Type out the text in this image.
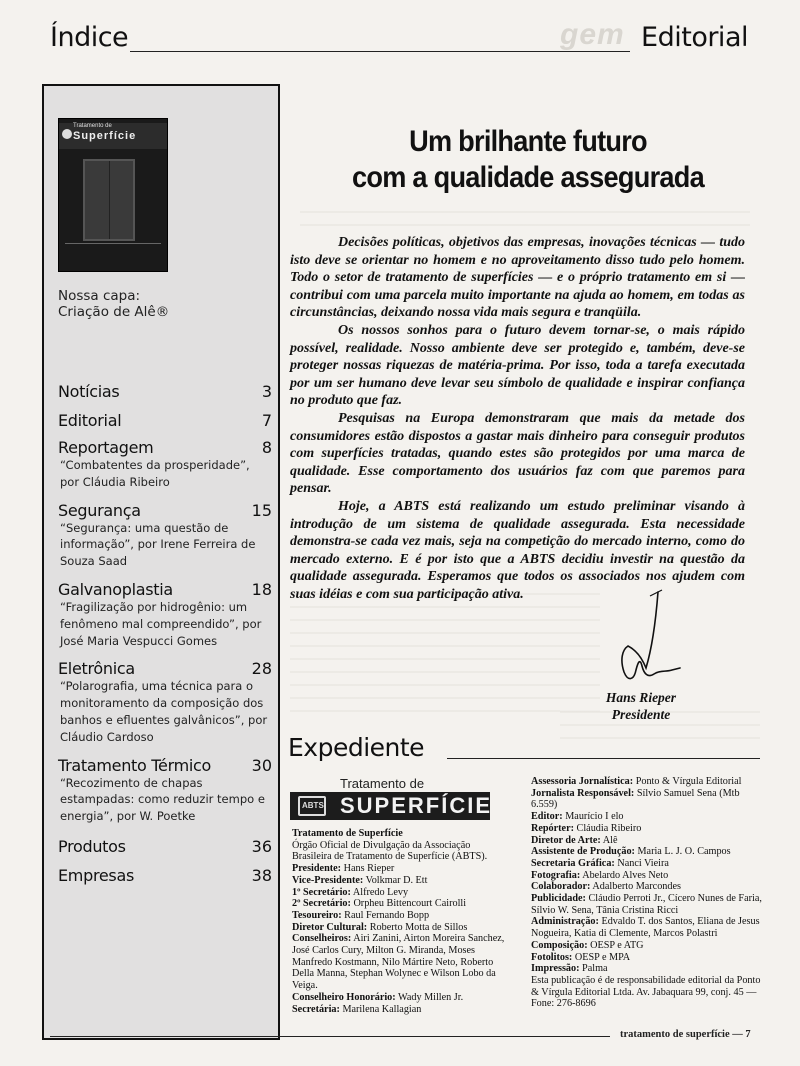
gem
Índice	Editorial
Tratamento de
Superfície
Nossa capa:
Criação de Alê®
Notícias	3
Editorial	7
Reportagem	8
“Combatentes da prosperidade”, por Cláudia Ribeiro
Segurança	15
“Segurança: uma questão de informação”, por Irene Ferreira de Souza Saad
Galvanoplastia	18
“Fragilização por hidrogênio: um fenômeno mal compreendido”, por José Maria Vespucci Gomes
Eletrônica	28
“Polarografia, uma técnica para o monitoramento da composição dos banhos e efluentes galvânicos”, por Cláudio Cardoso
Tratamento Térmico	30
“Recozimento de chapas estampadas: como reduzir tempo e energia”, por W. Poetke
Produtos	36
Empresas	38
Um brilhante futuro
com a qualidade assegurada

Decisões políticas, objetivos das empresas, inovações técnicas — tudo isto deve se orientar no homem e no aproveitamento disso tudo pelo homem. Todo o setor de tratamento de superfícies — e o próprio tratamento em si — contribui com uma parcela muito importante na ajuda ao homem, em todas as circunstâncias, deixando nossa vida mais segura e tranqüila.

Os nossos sonhos para o futuro devem tornar-se, o mais rápido possível, realidade. Nosso ambiente deve ser protegido e, também, deve-se proteger nossas riquezas de matéria-prima. Por isso, toda a tarefa executada por um ser humano deve levar seu símbolo de qualidade e inspirar confiança no produto que faz.

Pesquisas na Europa demonstraram que mais da metade dos consumidores estão dispostos a gastar mais dinheiro para conseguir produtos com superfícies tratadas, quando estes são protegidos por uma marca de qualidade. Esse comportamento dos usuários faz com que paremos para pensar.

Hoje, a ABTS está realizando um estudo preliminar visando à introdução de um sistema de qualidade assegurada. Esta necessidade demonstra-se cada vez mais, seja na competição do mercado interno, como do mercado externo. E é por isto que a ABTS decidiu investir na questão da qualidade assegurada. Esperamos que todos os associados nos ajudem com suas idéias e com sua participação ativa.

Hans Rieper
Presidente
Expediente
Tratamento de
ABTS SUPERFÍCIE
Tratamento de Superfície
Órgão Oficial de Divulgação da Associação Brasileira de Tratamento de Superfície (ABTS).
Presidente: Hans Rieper
Vice-Presidente: Volkmar D. Ett
1º Secretário: Alfredo Levy
2º Secretário: Orpheu Bittencourt Cairolli
Tesoureiro: Raul Fernando Bopp
Diretor Cultural: Roberto Motta de Sillos
Conselheiros: Airi Zanini, Airton Moreira Sanchez, José Carlos Cury, Milton G. Miranda, Moses Manfredo Kostmann, Nilo Mártire Neto, Roberto Della Manna, Stephan Wolynec e Wilson Lobo da Veiga.
Conselheiro Honorário: Wady Millen Jr.
Secretária: Marilena Kallagian
Assessoria Jornalística: Ponto & Vírgula Editorial
Jornalista Responsável: Sílvio Samuel Sena (Mtb 6.559)
Editor: Maurício I elo
Repórter: Cláudia Ribeiro
Diretor de Arte: Alê
Assistente de Produção: Maria L. J. O. Campos
Secretaria Gráfica: Nanci Vieira
Fotografia: Abelardo Alves Neto
Colaborador: Adalberto Marcondes
Publicidade: Cláudio Perroti Jr., Cícero Nunes de Faria, Sílvio W. Sena, Tânia Cristina Ricci
Administração: Edvaldo T. dos Santos, Eliana de Jesus Nogueira, Katia di Clemente, Marcos Polastri
Composição: OESP e ATG
Fotolitos: OESP e MPA
Impressão: Palma
Esta publicação é de responsabilidade editorial da Ponto & Vírgula Editorial Ltda. Av. Jabaquara 99, conj. 45 — Fone: 276-8696
tratamento de superfície — 7
